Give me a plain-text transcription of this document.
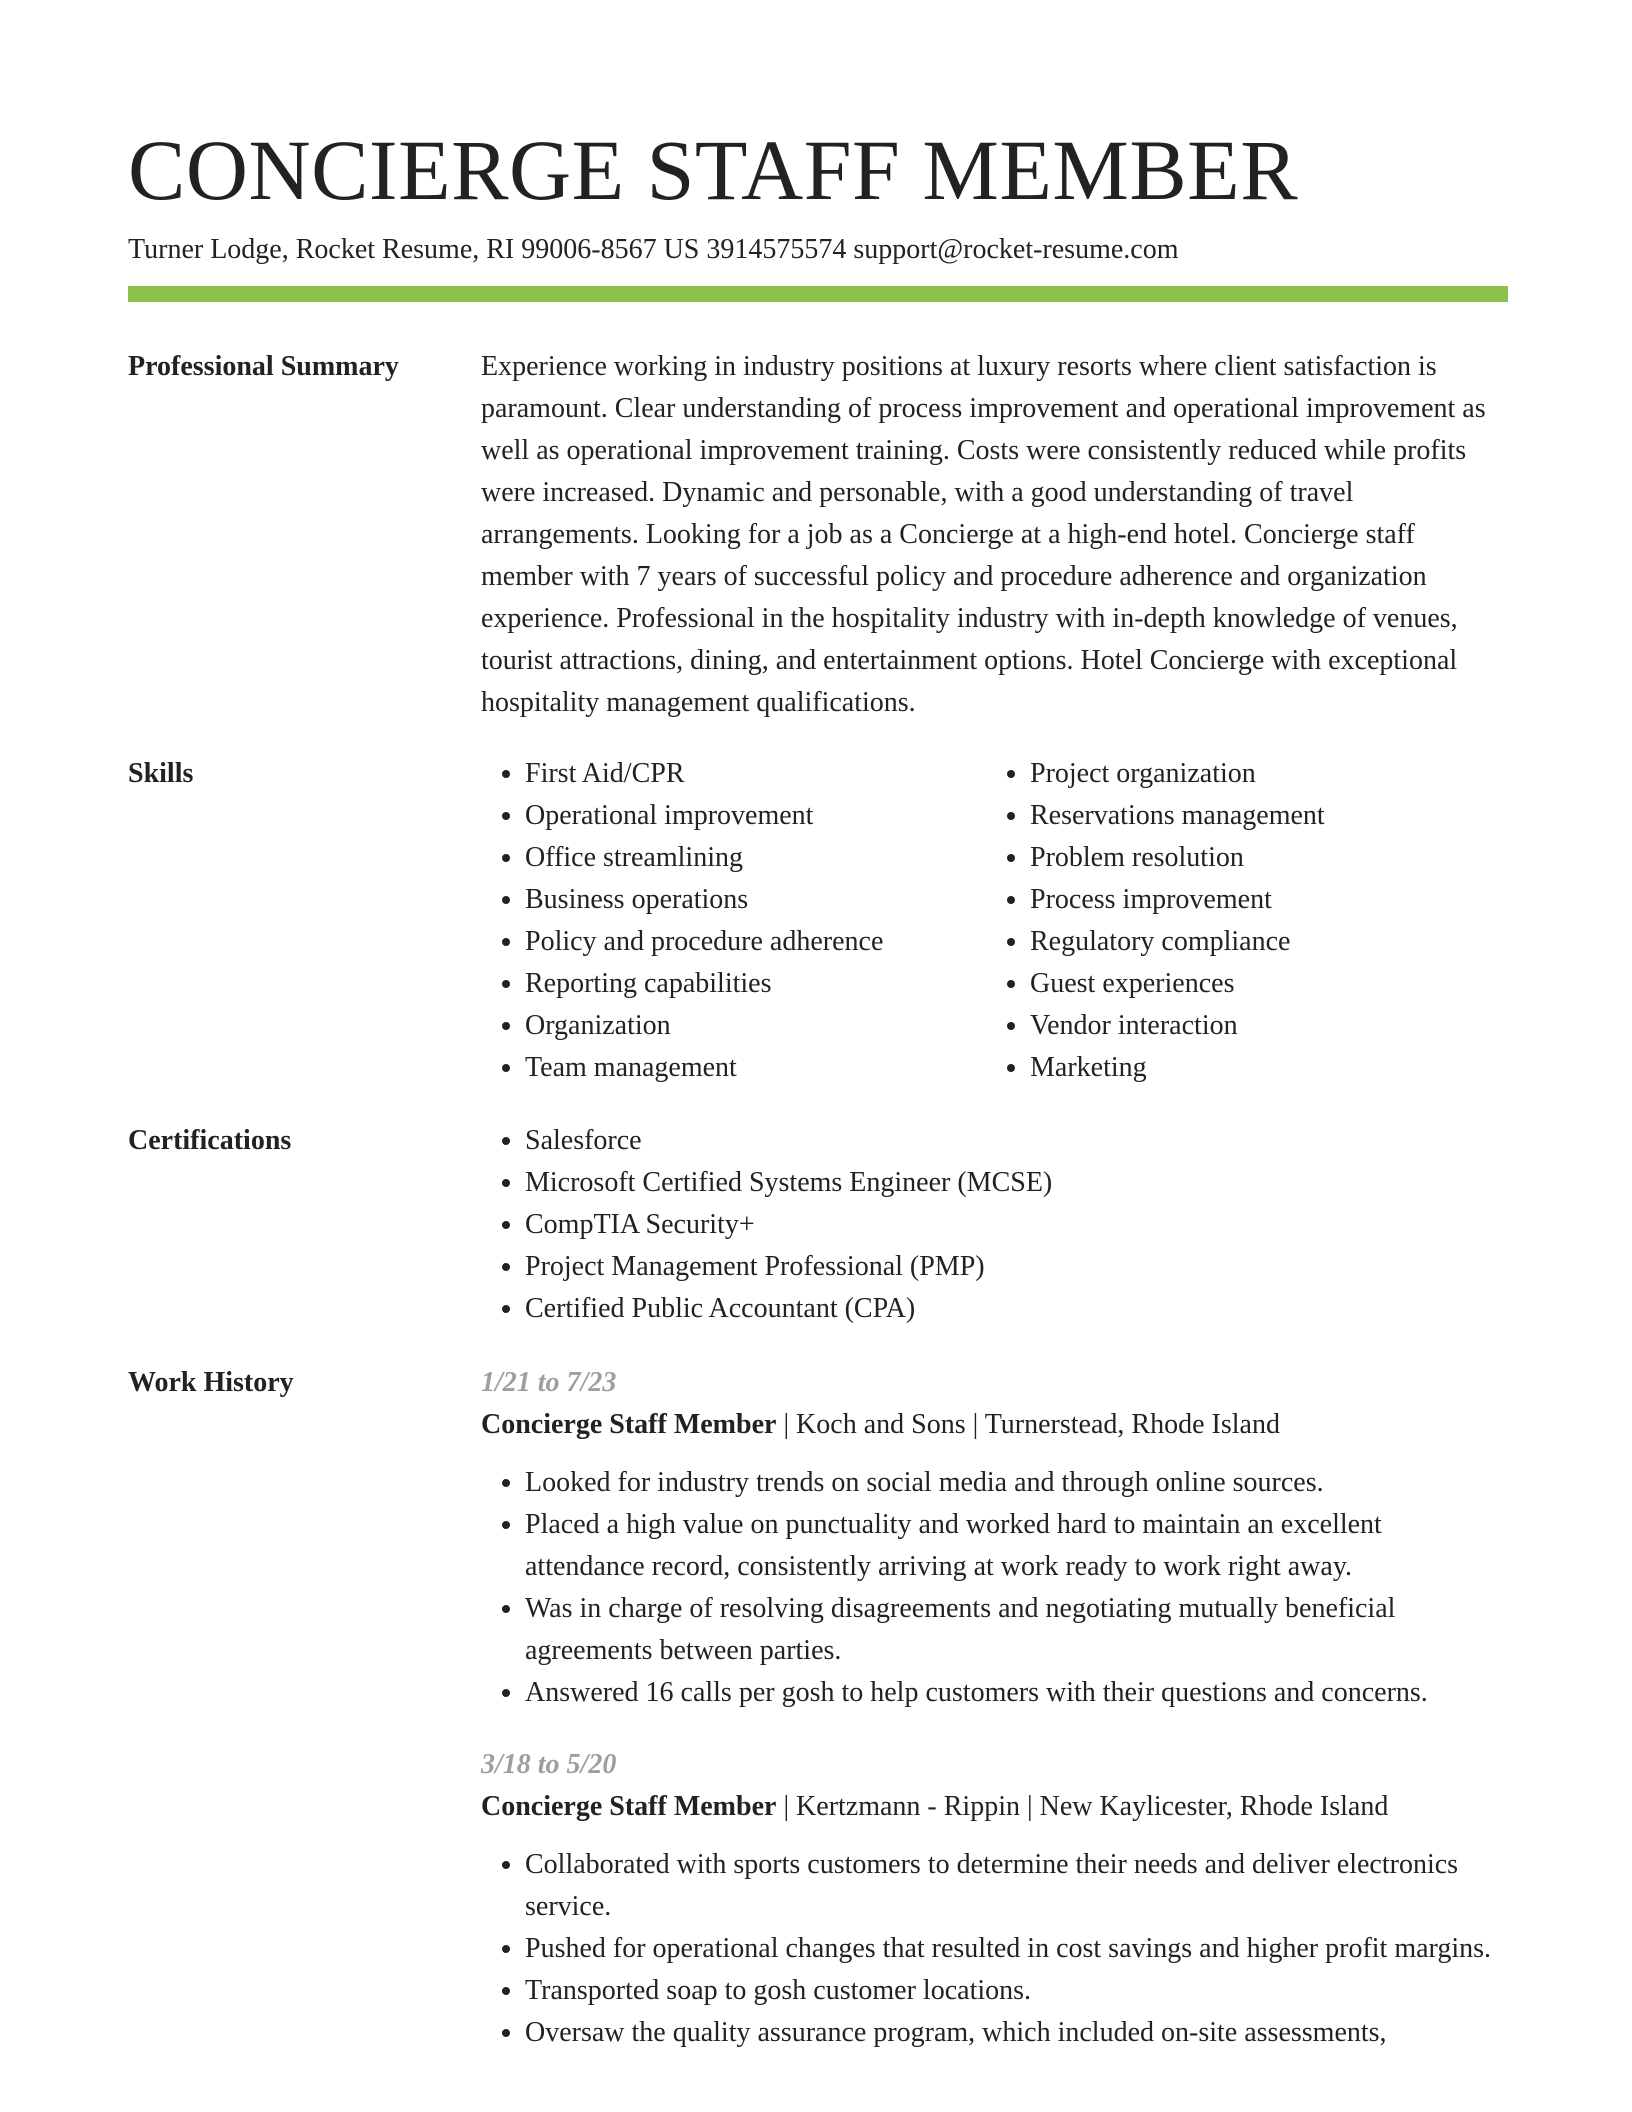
CONCIERGE STAFF MEMBER
Turner Lodge, Rocket Resume, RI 99006-8567 US 3914575574 support@rocket-resume.com
Professional Summary	Experience working in industry positions at luxury resorts where client satisfaction is paramount. Clear understanding of process improvement and operational improvement as well as operational improvement training. Costs were consistently reduced while profits were increased. Dynamic and personable, with a good understanding of travel arrangements. Looking for a job as a Concierge at a high-end hotel. Concierge staff member with 7 years of successful policy and procedure adherence and organization experience. Professional in the hospitality industry with in-depth knowledge of venues, tourist attractions, dining, and entertainment options. Hotel Concierge with exceptional hospitality management qualifications.

Skills	• First Aid/CPR
• Operational improvement
• Office streamlining
• Business operations
• Policy and procedure adherence
• Reporting capabilities
• Organization
• Team management
• Project organization
• Reservations management
• Problem resolution
• Process improvement
• Regulatory compliance
• Guest experiences
• Vendor interaction
• Marketing
Certifications	• Salesforce
• Microsoft Certified Systems Engineer (MCSE)
• CompTIA Security+
• Project Management Professional (PMP)
• Certified Public Accountant (CPA)
Work History	1/21 to 7/23
Concierge Staff Member | Koch and Sons | Turnerstead, Rhode Island
• Looked for industry trends on social media and through online sources.
• Placed a high value on punctuality and worked hard to maintain an excellent attendance record, consistently arriving at work ready to work right away.
• Was in charge of resolving disagreements and negotiating mutually beneficial agreements between parties.
• Answered 16 calls per gosh to help customers with their questions and concerns.
3/18 to 5/20
Concierge Staff Member | Kertzmann - Rippin | New Kaylicester, Rhode Island
• Collaborated with sports customers to determine their needs and deliver electronics service.
• Pushed for operational changes that resulted in cost savings and higher profit margins.
• Transported soap to gosh customer locations.
• Oversaw the quality assurance program, which included on-site assessments,
